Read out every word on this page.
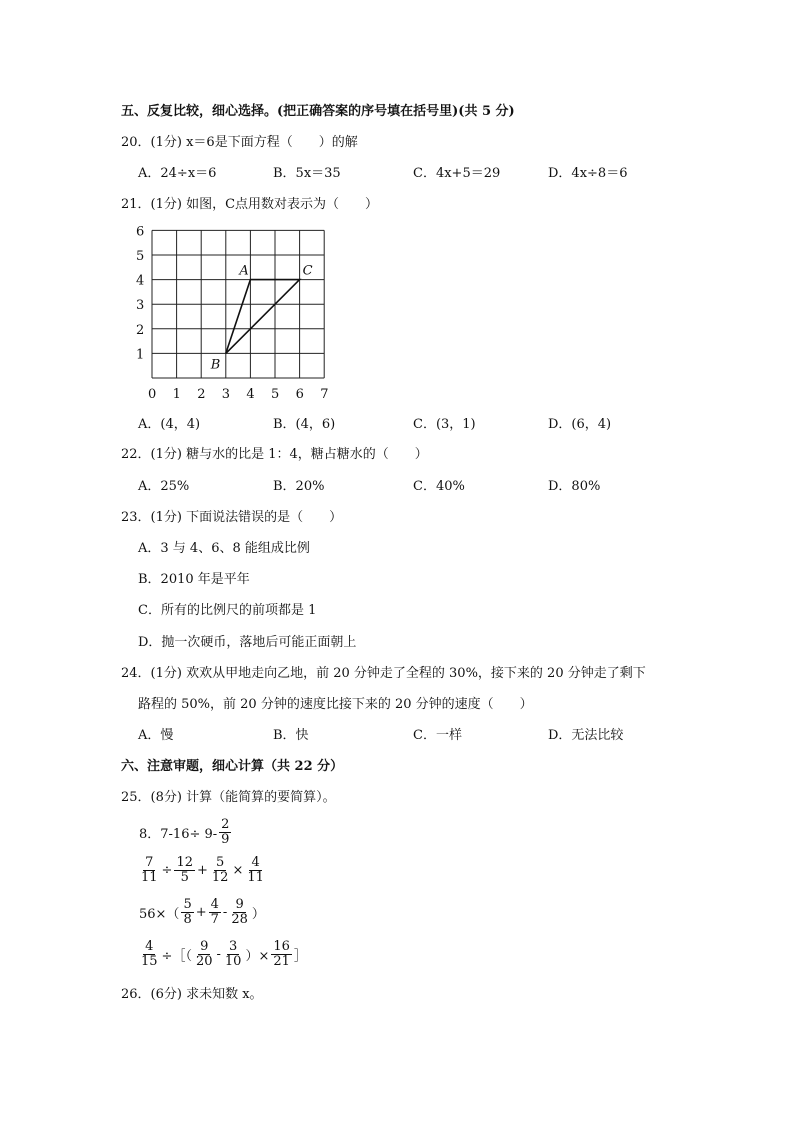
五、反复比较，细心选择。(把正确答案的序号填在括号里)(共 5 分)
20．(1分) x＝6是下面方程（　　）的解
A．24÷x＝6	B．5x＝35	C．4x+5＝29	D．4x÷8＝6
21．(1分) 如图，C点用数对表示为（　　）
1
2
3
4
5
6
0 1 2 3 4 5 6 7
A
B
C
A．(4，4)	B．(4，6)	C．(3，1)	D．(6，4)
22．(1分) 糖与水的比是 1：4，糖占糖水的（　　）
A．25%	B．20%	C．40%	D．80%
23．(1分) 下面说法错误的是（　　）
A．3 与 4、6、8 能组成比例
B．2010 年是平年
C．所有的比例尺的前项都是 1
D．抛一次硬币，落地后可能正面朝上
24．(1分) 欢欢从甲地走向乙地，前 20 分钟走了全程的 30%，接下来的 20 分钟走了剩下
路程的 50%，前 20 分钟的速度比接下来的 20 分钟的速度（　　）
A．慢	B．快	C．一样	D．无法比较
六、注意审题，细心计算（共 22 分）
25．(8分) 计算（能简算的要简算）。
8．$7-16\div 9- \frac{2}{9}$
$\frac{7}{11} \div \frac{12}{5} + \frac{5}{12} \times \frac{4}{11}$
$56\times( \frac{5}{8} + \frac{4}{7} - \frac{9}{28}$ ）
$\frac{4}{15}$ ÷［（ $\frac{9}{20} - \frac{3}{10}$ ）× $\frac{16}{21}$ ］
26．(6分) 求未知数 x。
